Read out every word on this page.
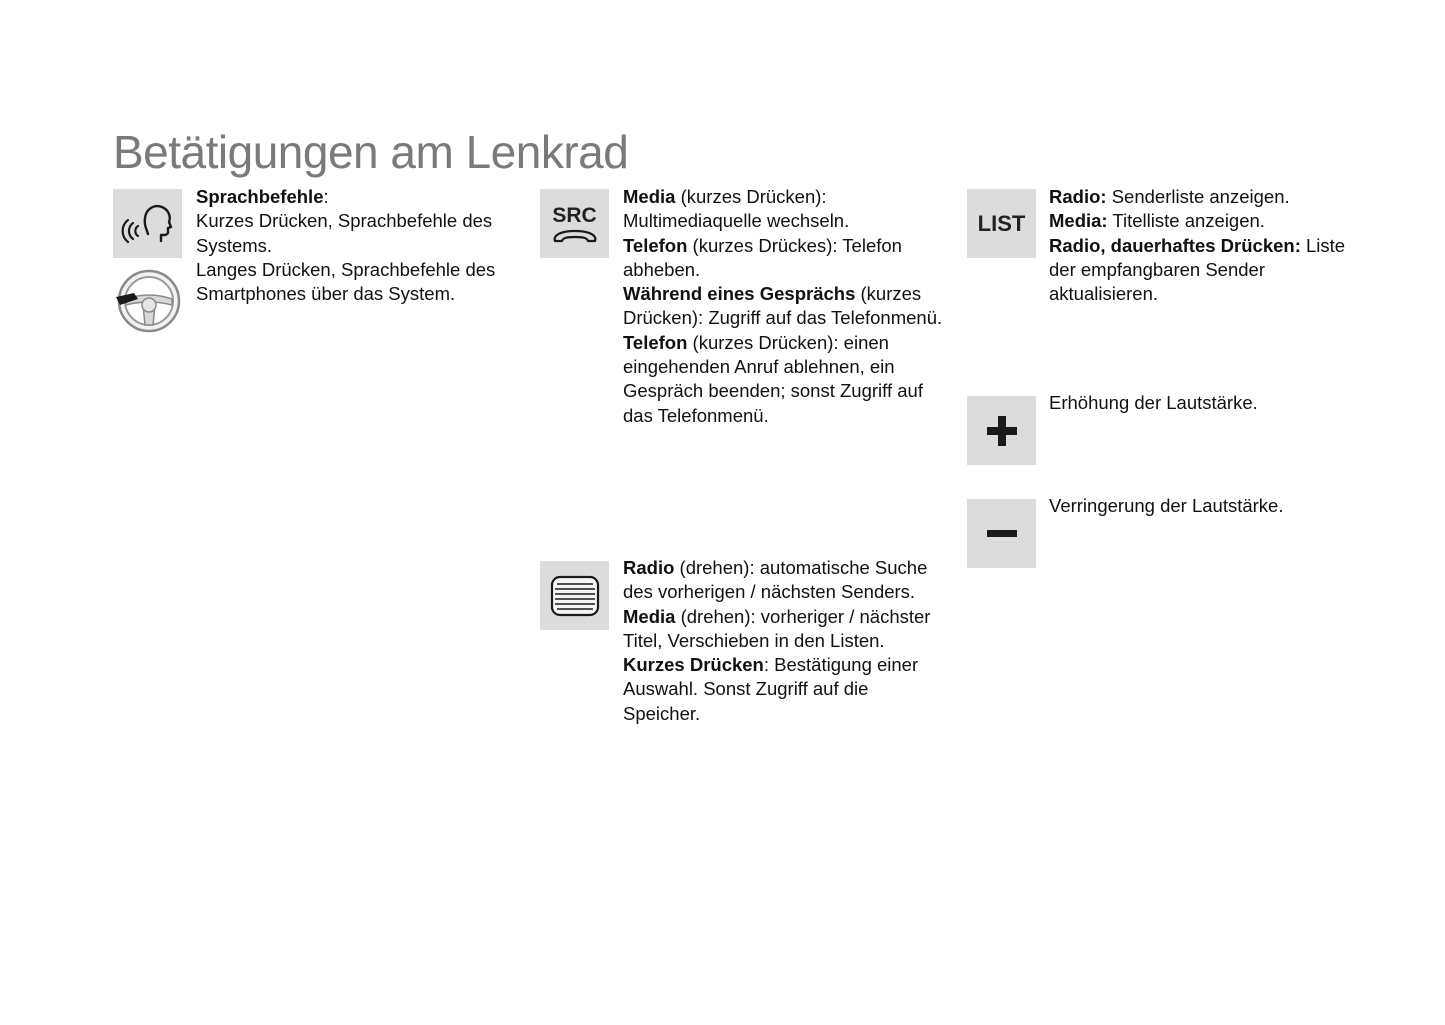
Betätigungen am Lenkrad

Sprachbefehle:

Kurzes Drücken, Sprachbefehle des Systems.

Langes Drücken, Sprachbefehle des Smartphones über das System.

SRC

Media (kurzes Drücken): Multimediaquelle wechseln.

Telefon (kurzes Drückes): Telefon abheben.

Während eines Gesprächs (kurzes Drücken): Zugriff auf das Telefonmenü.

Telefon (kurzes Drücken): einen eingehenden Anruf ablehnen, ein Gespräch beenden; sonst Zugriff auf das Telefonmenü.

Radio (drehen): automatische Suche des vorherigen / nächsten Senders.

Media (drehen): vorheriger / nächster Titel, Verschieben in den Listen.

Kurzes Drücken: Bestätigung einer Auswahl. Sonst Zugriff auf die Speicher.

LIST

Radio: Senderliste anzeigen.

Media: Titelliste anzeigen.

Radio, dauerhaftes Drücken: Liste der empfangbaren Sender aktualisieren.

Erhöhung der Lautstärke.

Verringerung der Lautstärke.
